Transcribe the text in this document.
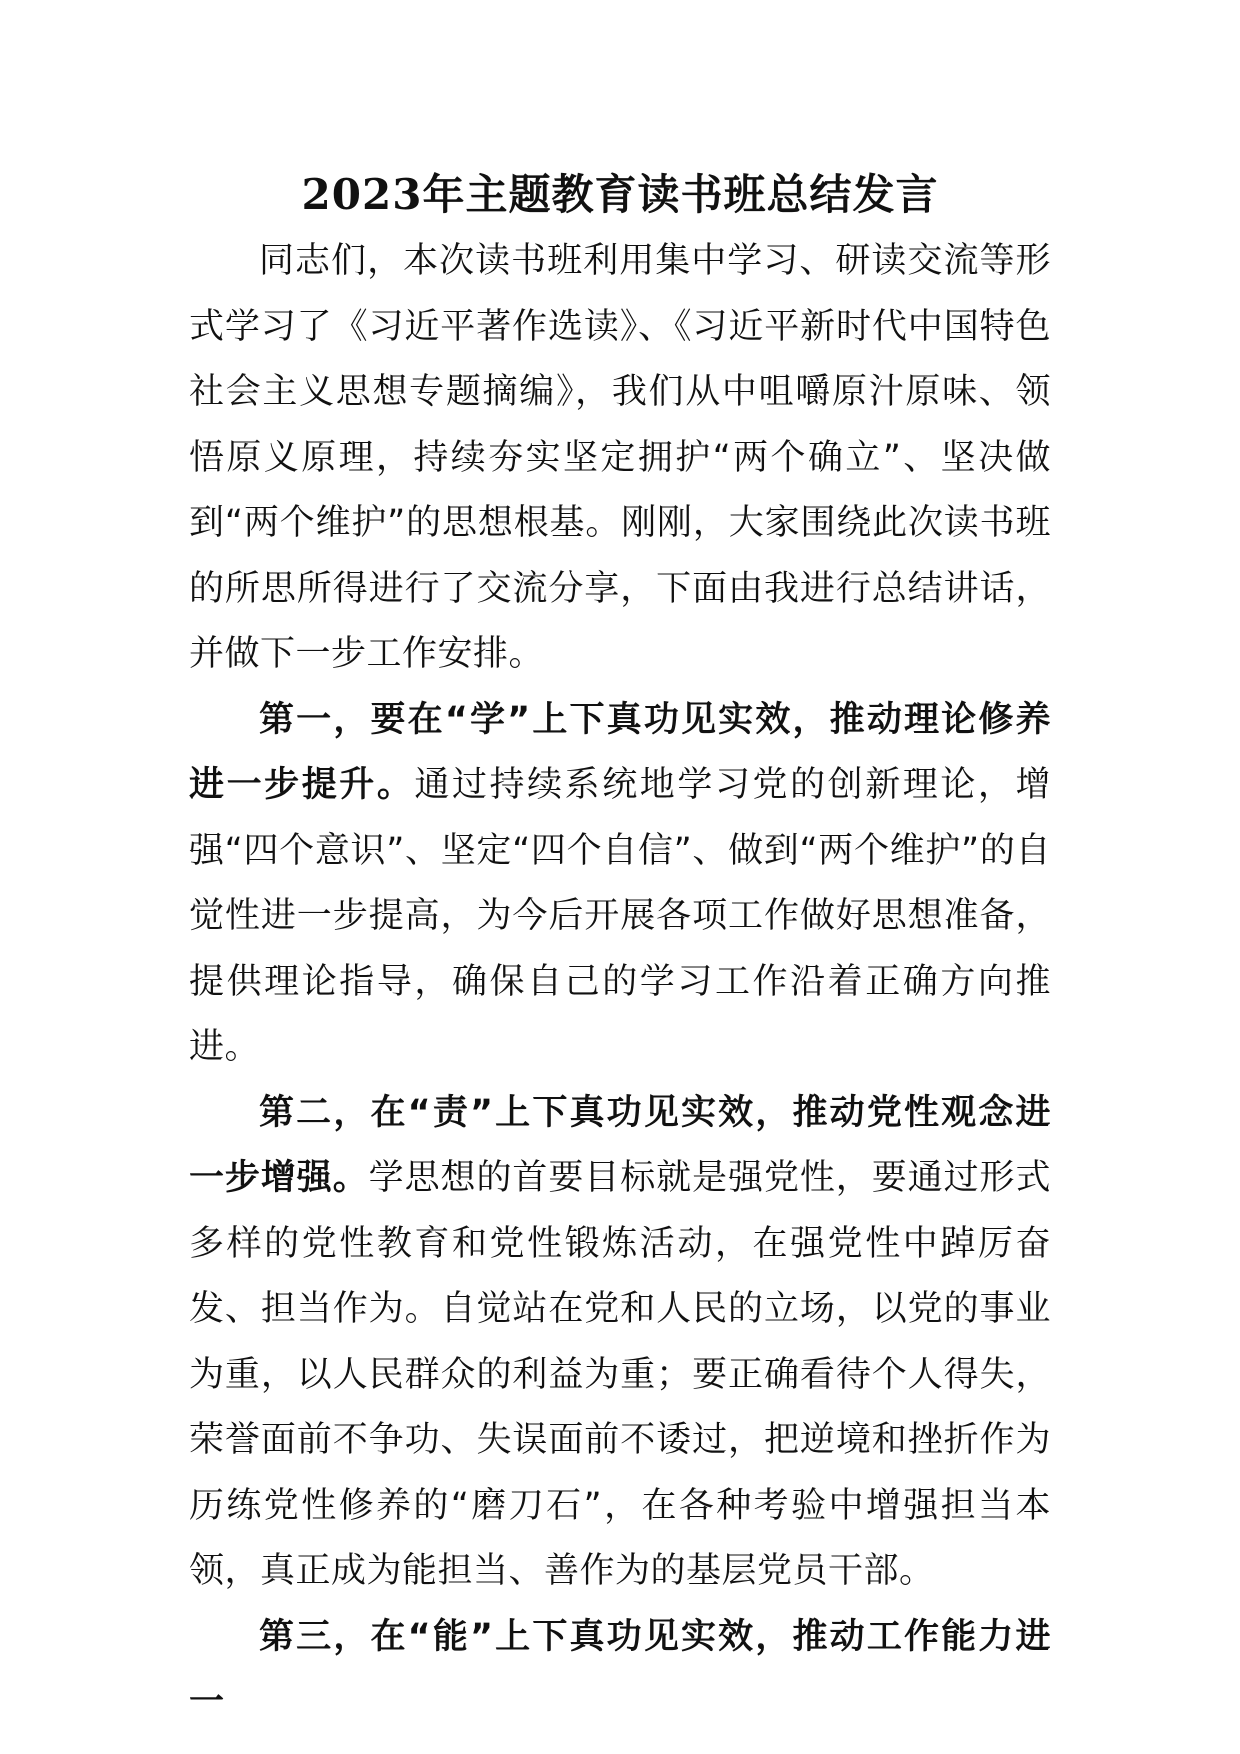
2023年主题教育读书班总结发言

同志们，本次读书班利用集中学习、研读交流等形式学习了《习近平著作选读》、《习近平新时代中国特色社会主义思想专题摘编》，我们从中咀嚼原汁原味、领悟原义原理，持续夯实坚定拥护“两个确立”、坚决做到“两个维护”的思想根基。刚刚，大家围绕此次读书班的所思所得进行了交流分享，下面由我进行总结讲话，并做下一步工作安排。

第一，要在“学”上下真功见实效，推动理论修养进一步提升。通过持续系统地学习党的创新理论，增强“四个意识”、坚定“四个自信”、做到“两个维护”的自觉性进一步提高，为今后开展各项工作做好思想准备，提供理论指导，确保自己的学习工作沿着正确方向推进。

第二，在“责”上下真功见实效，推动党性观念进一步增强。学思想的首要目标就是强党性，要通过形式多样的党性教育和党性锻炼活动，在强党性中踔厉奋发、担当作为。自觉站在党和人民的立场，以党的事业为重，以人民群众的利益为重；要正确看待个人得失，荣誉面前不争功、失误面前不诿过，把逆境和挫折作为历练党性修养的“磨刀石”，在各种考验中增强担当本领，真正成为能担当、善作为的基层党员干部。

第三，在“能”上下真功见实效，推动工作能力进一
